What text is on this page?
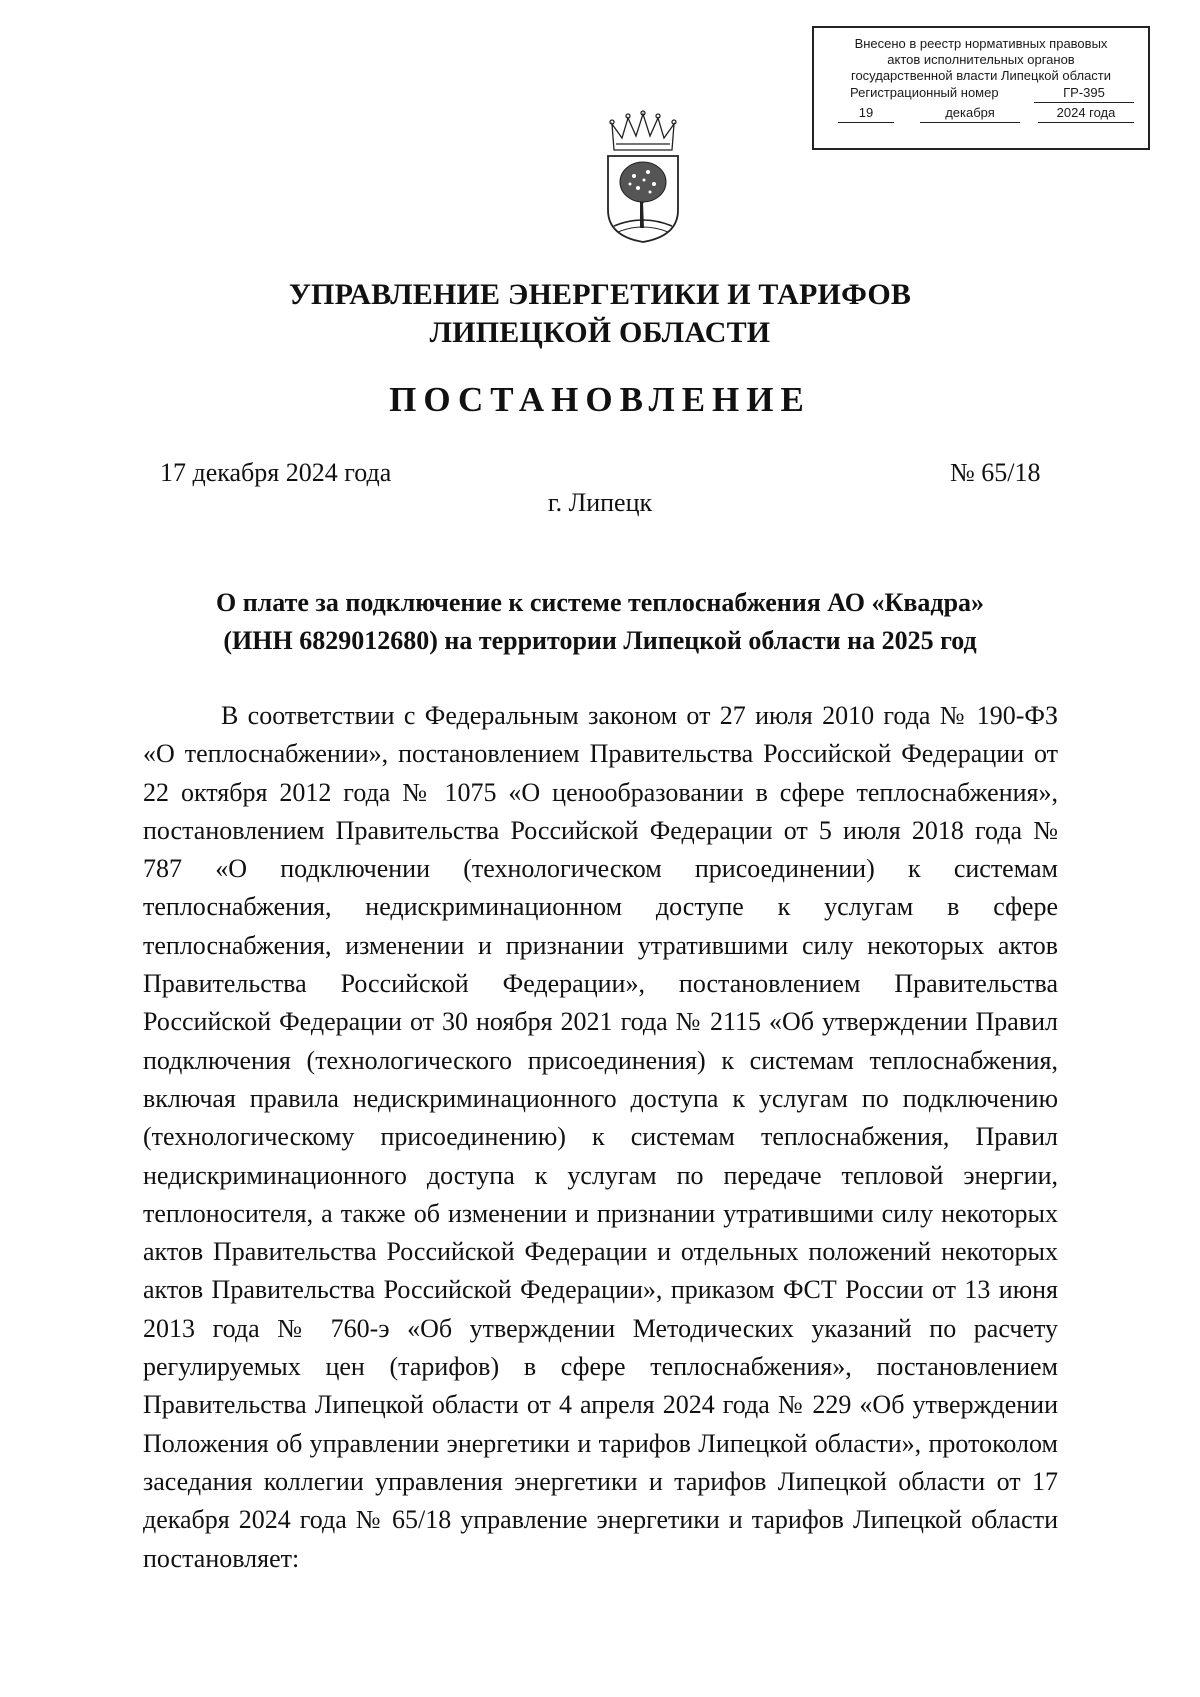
Внесено в реестр нормативных правовых
актов исполнительных органов
государственной власти Липецкой области
Регистрационный номер	ГР-395
19	декабря	2024 года
УПРАВЛЕНИЕ ЭНЕРГЕТИКИ И ТАРИФОВ
ЛИПЕЦКОЙ ОБЛАСТИ
ПОСТАНОВЛЕНИЕ
17 декабря 2024 года	№ 65/18
г. Липецк
О плате за подключение к системе теплоснабжения АО «Квадра»
(ИНН 6829012680) на территории Липецкой области на 2025 год
В соответствии с Федеральным законом от 27 июля 2010 года № 190-ФЗ «О теплоснабжении», постановлением Правительства Российской Федерации от 22 октября 2012 года № 1075 «О ценообразовании в сфере теплоснабжения», постановлением Правительства Российской Федерации от 5 июля 2018 года № 787 «О подключении (технологическом присоединении) к системам теплоснабжения, недискриминационном доступе к услугам в сфере теплоснабжения, изменении и признании утратившими силу некоторых актов Правительства Российской Федерации», постановлением Правительства Российской Федерации от 30 ноября 2021 года № 2115 «Об утверждении Правил подключения (технологического присоединения) к системам теплоснабжения, включая правила недискриминационного доступа к услугам по подключению (технологическому присоединению) к системам теплоснабжения, Правил недискриминационного доступа к услугам по передаче тепловой энергии, теплоносителя, а также об изменении и признании утратившими силу некоторых актов Правительства Российской Федерации и отдельных положений некоторых актов Правительства Российской Федерации», приказом ФСТ России от 13 июня 2013 года № 760-э «Об утверждении Методических указаний по расчету регулируемых цен (тарифов) в сфере теплоснабжения», постановлением Правительства Липецкой области от 4 апреля 2024 года № 229 «Об утверждении Положения об управлении энергетики и тарифов Липецкой области», протоколом заседания коллегии управления энергетики и тарифов Липецкой области от 17 декабря 2024 года № 65/18 управление энергетики и тарифов Липецкой области постановляет:
